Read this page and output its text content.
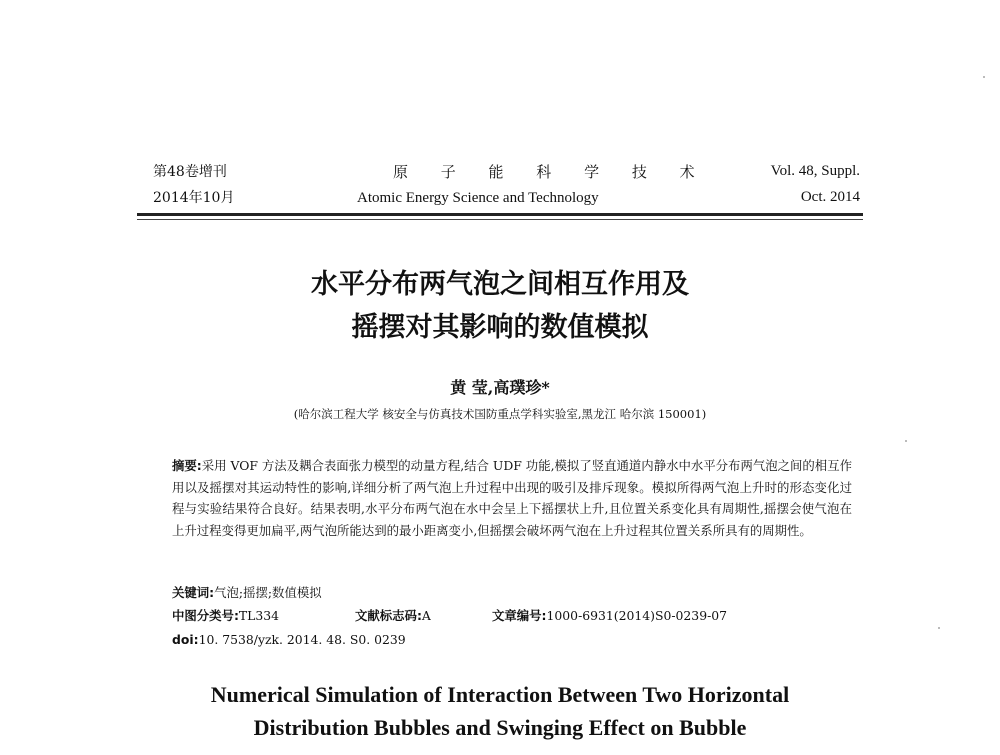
第48卷增刊
2014年10月
原 子 能 科 学 技 术
Atomic Energy Science and Technology
Vol. 48, Suppl.
Oct. 2014
水平分布两气泡之间相互作用及
摇摆对其影响的数值模拟
黄 莹,高璞珍*
(哈尔滨工程大学 核安全与仿真技术国防重点学科实验室,黑龙江 哈尔滨 150001)
摘要:采用 VOF 方法及耦合表面张力模型的动量方程,结合 UDF 功能,模拟了竖直通道内静水中水平分布两气泡之间的相互作用以及摇摆对其运动特性的影响,详细分析了两气泡上升过程中出现的吸引及排斥现象。模拟所得两气泡上升时的形态变化过程与实验结果符合良好。结果表明,水平分布两气泡在水中会呈上下摇摆状上升,且位置关系变化具有周期性,摇摆会使气泡在上升过程变得更加扁平,两气泡所能达到的最小距离变小,但摇摆会破坏两气泡在上升过程其位置关系所具有的周期性。
关键词:气泡;摇摆;数值模拟
中图分类号:TL334	文献标志码:A	文章编号:1000-6931(2014)S0-0239-07
doi:10. 7538/yzk. 2014. 48. S0. 0239
Numerical Simulation of Interaction Between Two Horizontal
Distribution Bubbles and Swinging Effect on Bubble
